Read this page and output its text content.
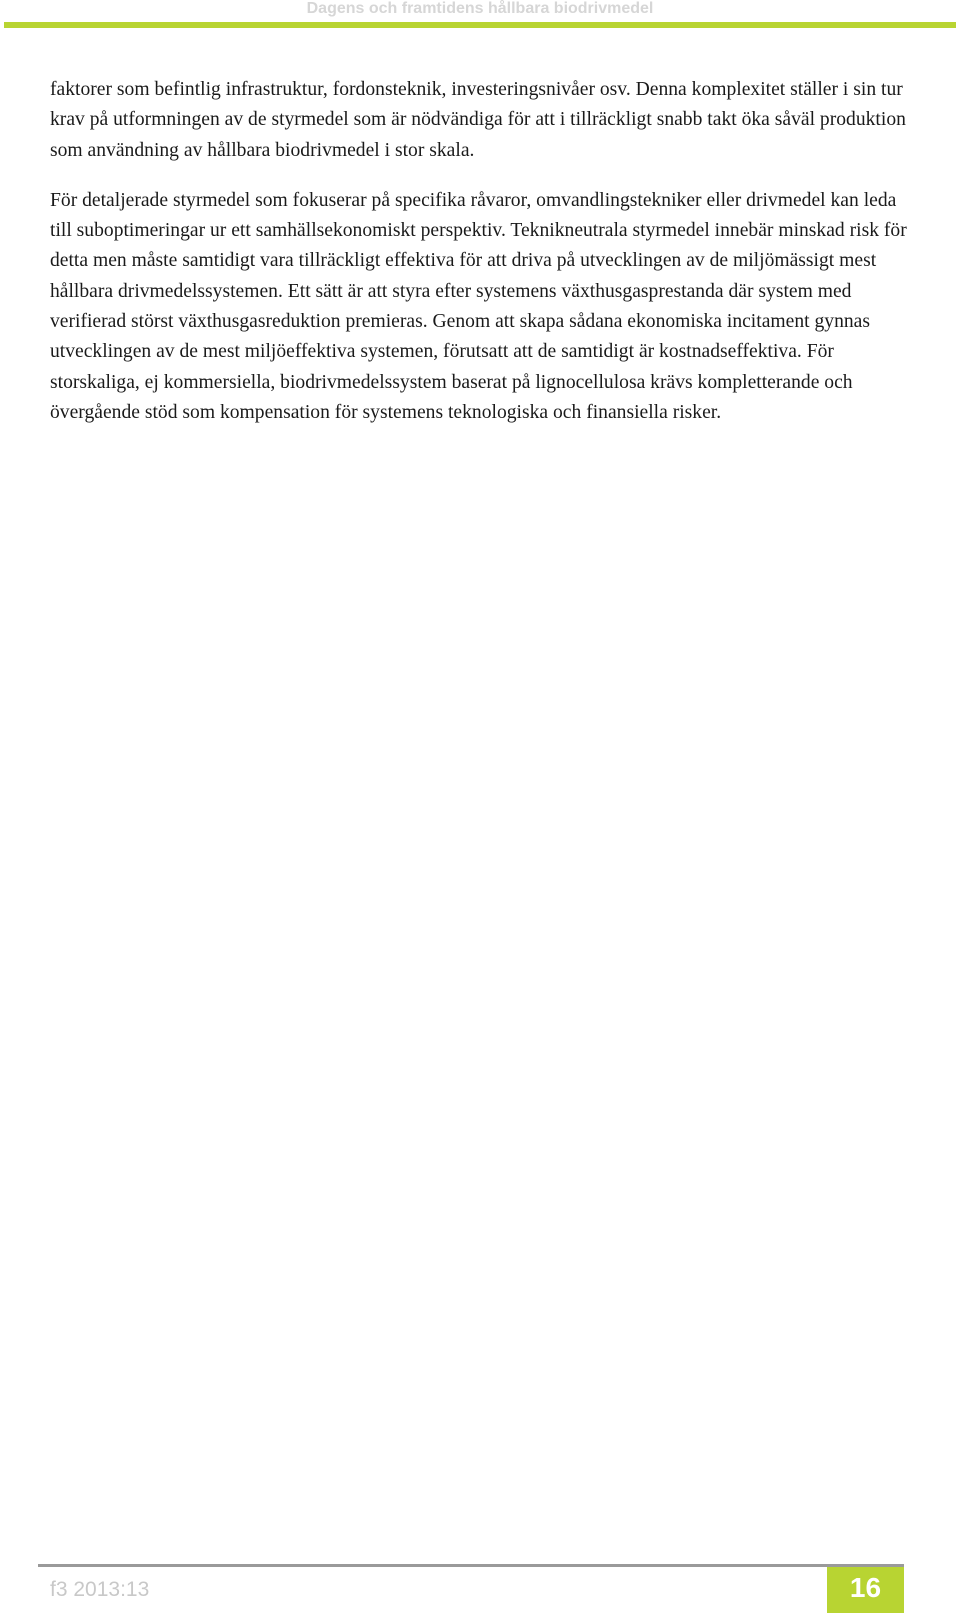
Dagens och framtidens hållbara biodrivmedel

faktorer som befintlig infrastruktur, fordonsteknik, investeringsnivåer osv. Denna komplexitet ställer i sin tur krav på utformningen av de styrmedel som är nödvändiga för att i tillräckligt snabb takt öka såväl produktion som användning av hållbara biodrivmedel i stor skala.

För detaljerade styrmedel som fokuserar på specifika råvaror, omvandlingstekniker eller drivmedel kan leda till suboptimeringar ur ett samhällsekonomiskt perspektiv. Teknikneutrala styrmedel innebär minskad risk för detta men måste samtidigt vara tillräckligt effektiva för att driva på utvecklingen av de miljömässigt mest hållbara drivmedelssystemen. Ett sätt är att styra efter systemens växthusgasprestanda där system med verifierad störst växthusgasreduktion premieras. Genom att skapa sådana ekonomiska incitament gynnas utvecklingen av de mest miljöeffektiva systemen, förutsatt att de samtidigt är kostnadseffektiva. För storskaliga, ej kommersiella, biodrivmedelssystem baserat på lignocellulosa krävs kompletterande och övergående stöd som kompensation för systemens teknologiska och finansiella risker.

f3 2013:13	16
